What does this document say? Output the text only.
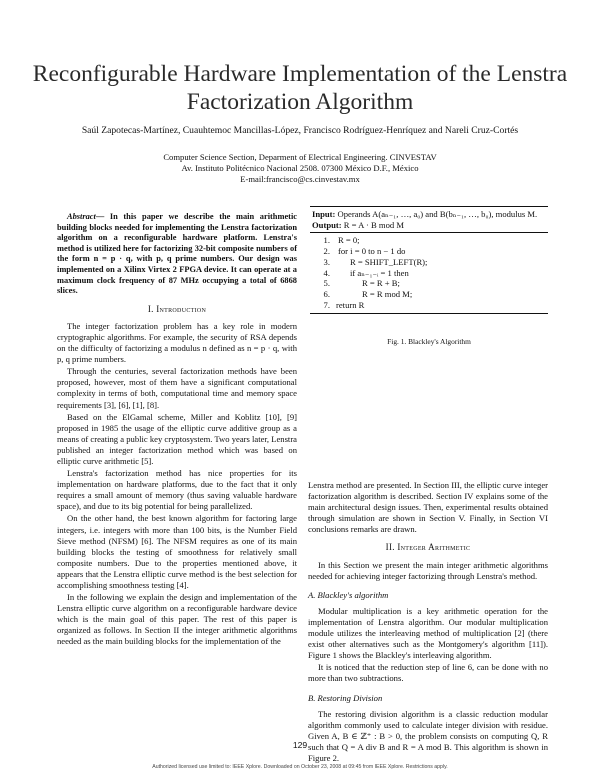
Reconfigurable Hardware Implementation of the Lenstra Factorization Algorithm
Saúl Zapotecas-Martínez, Cuauhtemoc Mancillas-López, Francisco Rodríguez-Henríquez and Nareli Cruz-Cortés
Computer Science Section, Deparment of Electrical Engineering. CINVESTAV
Av. Instituto Politécnico Nacional 2508. 07300 México D.F., México
E-mail:francisco@cs.cinvestav.mx

Abstract— In this paper we describe the main arithmetic building blocks needed for implementing the Lenstra factorization algorithm on a reconfigurable hardware platform. Lenstra's method is utilized here for factorizing 32-bit composite numbers of the form n = p · q, with p, q prime numbers. Our design was implemented on a Xilinx Virtex 2 FPGA device. It can operate at a maximum clock frequency of 87 MHz occupying a total of 6868 slices.

I. Introduction

The integer factorization problem has a key role in modern cryptographic algorithms. For example, the security of RSA depends on the difficulty of factorizing a modulus n defined as n = p · q, with p, q prime numbers.

Through the centuries, several factorization methods have been proposed, however, most of them have a significant computational complexity in terms of both, computational time and memory space requirements [3], [6], [1], [8].

Based on the ElGamal scheme, Miller and Koblitz [10], [9] proposed in 1985 the usage of the elliptic curve additive group as a means of creating a public key cryptosystem. Two years later, Lenstra published an integer factorization method which was based on elliptic curve arithmetic [5].

Lenstra's factorization method has nice properties for its implementation on hardware platforms, due to the fact that it only requires a small amount of memory (thus saving valuable hardware space), and due to its big potential for being parallelized.

On the other hand, the best known algorithm for factoring large integers, i.e. integers with more than 100 bits, is the Number Field Sieve method (NFSM) [6]. The NFSM requires as one of its main building blocks the testing of smoothness for relatively small composite numbers. Due to the properties mentioned above, it appears that the Lenstra elliptic curve method is the best selection for accomplishing smoothness testing [4].

In the following we explain the design and implementation of the Lenstra elliptic curve algorithm on a reconfigurable hardware device which is the main goal of this paper. The rest of this paper is organized as follows. In Section II the integer arithmetic algorithms needed as the main building blocks for the implementation of the

Input: Operands A(aₙ₋₁, …, a₀) and B(bₙ₋₁, …, b₀), modulus M.
Output: R = A · B mod M
1. R = 0;
2. for i = 0 to n − 1 do
3.	R = SHIFT_LEFT(R);
4.	if aₙ₋₁₋ᵢ = 1 then
5.	R = R + B;
6.	R = R mod M;
7. return R
Fig. 1. Blackley's Algorithm

Lenstra method are presented. In Section III, the elliptic curve integer factorization algorithm is described. Section IV explains some of the main architectural design issues. Then, experimental results obtained through simulation are shown in Section V. Finally, in Section VI conclusions remarks are drawn.

II. Integer Arithmetic

In this Section we present the main integer arithmetic algorithms needed for achieving integer factorizing through Lenstra's method.

A. Blackley's algorithm

Modular multiplication is a key arithmetic operation for the implementation of Lenstra algorithm. Our modular multiplication module utilizes the interleaving method of multiplication [2] (there exist other alternatives such as the Montgomery's algorithm [11]). Figure 1 shows the Blackley's interleaving algorithm.

It is noticed that the reduction step of line 6, can be done with no more than two subtractions.

B. Restoring Division

The restoring division algorithm is a classic reduction modular algorithm commonly used to calculate integer division with residue. Given A, B ∈ ℤ⁺ : B > 0, the problem consists on computing Q, R such that Q = A div B and R = A mod B. This algorithm is shown in Figure 2.

129
Authorized licensed use limited to: IEEE Xplore. Downloaded on October 23, 2008 at 09:45 from IEEE Xplore. Restrictions apply.
